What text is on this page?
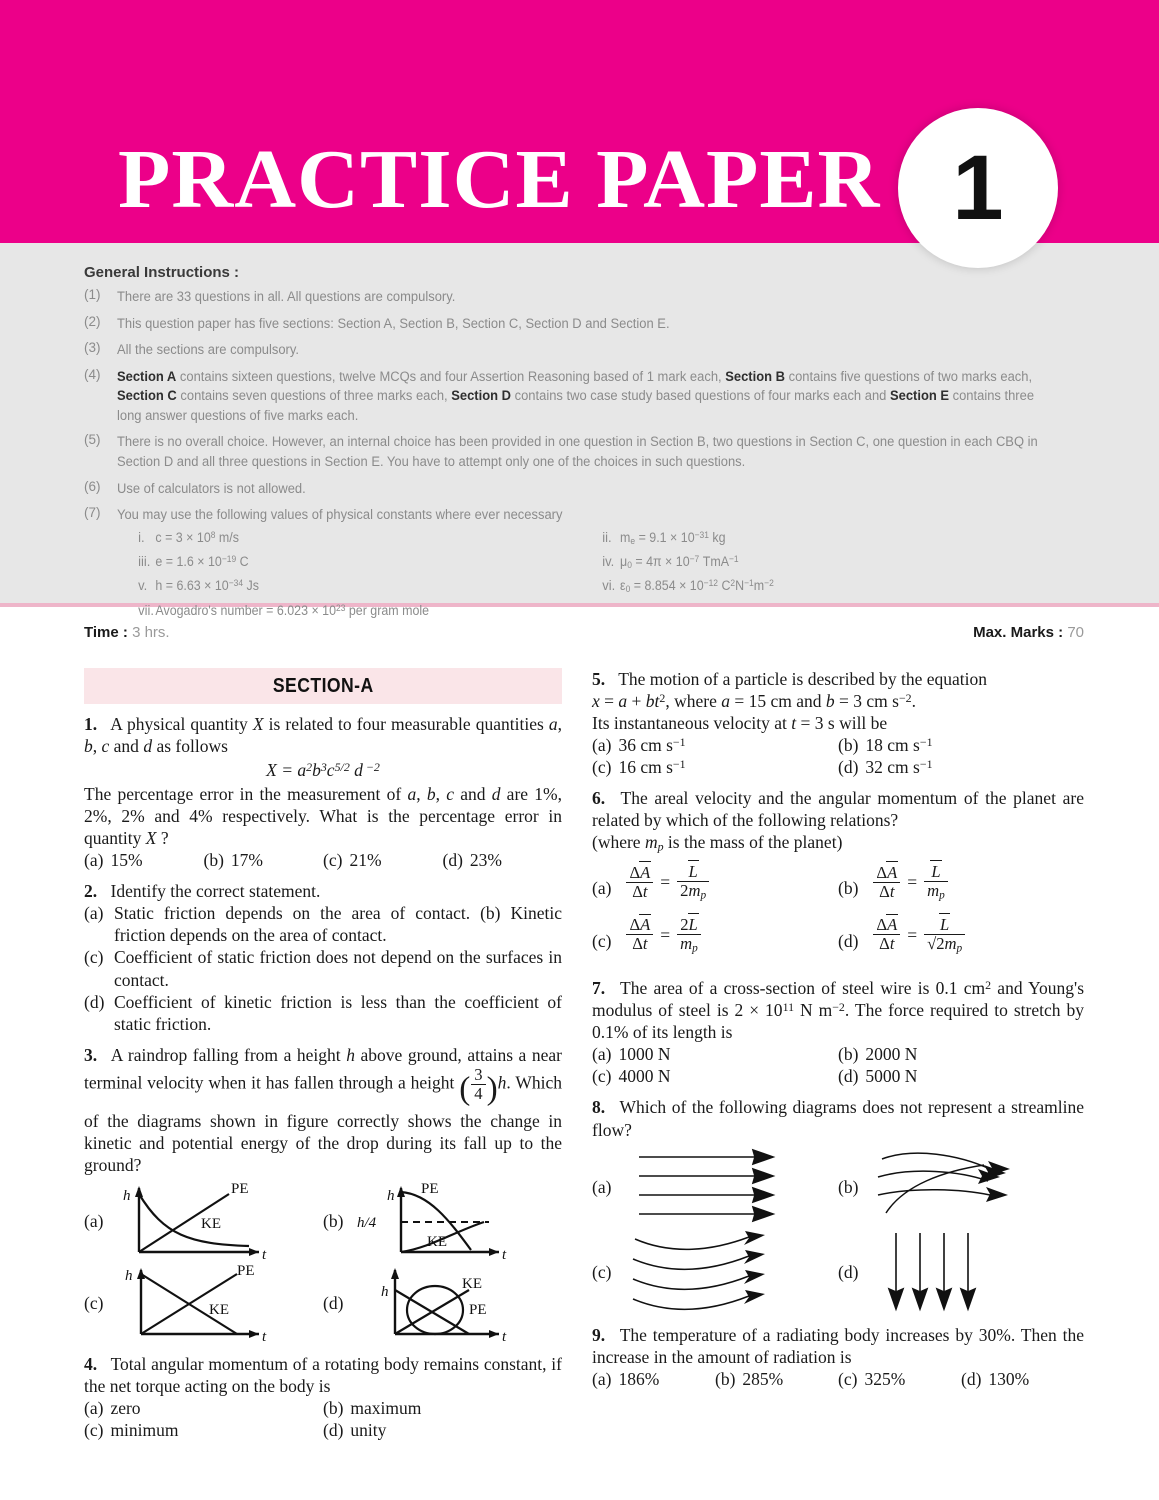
PRACTICE PAPER 1
General Instructions :
(1)	There are 33 questions in all. All questions are compulsory.
(2)	This question paper has five sections: Section A, Section B, Section C, Section D and Section E.
(3)	All the sections are compulsory.
(4)	Section A contains sixteen questions, twelve MCQs and four Assertion Reasoning based of 1 mark each, Section B contains five questions of two marks each, Section C contains seven questions of three marks each, Section D contains two case study based questions of four marks each and Section E contains three long answer questions of five marks each.
(5)	There is no overall choice. However, an internal choice has been provided in one question in Section B, two questions in Section C, one question in each CBQ in Section D and all three questions in Section E. You have to attempt only one of the choices in such questions.
(6)	Use of calculators is not allowed.
(7)	You may use the following values of physical constants where ever necessary
i. $c = 3 \times 10^8$ m/s	ii. $m_e = 9.1 \times 10^{-31}$ kg
iii. $e = 1.6 \times 10^{-19}$ C	iv. $\mu_0 = 4\pi \times 10^{-7}$ TmA$^{-1}$
v. $h = 6.63 \times 10^{-34}$ Js	vi. $\varepsilon_0 = 8.854 \times 10^{-12}$ $C^2N^{-1}m^{-2}$
vii. Avogadro's number = $6.023 \times 10^{23}$ per gram mole
Time : 3 hrs.	Max. Marks : 70
SECTION-A
1. A physical quantity X is related to four measurable quantities a, b, c and d as follows
$X = a^2b^3c^{5/2}$ d $^{-2}$
The percentage error in the measurement of a, b, c and d are 1%, 2%, 2% and 4% respectively. What is the percentage error in quantity X ?
(a) 15%	(b) 17%	(c) 21%	(d) 23%
2. Identify the correct statement.
(a) Static friction depends on the area of contact. (b) Kinetic friction depends on the area of contact.
(c) Coefficient of static friction does not depend on the surfaces in contact.
(d) Coefficient of kinetic friction is less than the coefficient of static friction.
3. A raindrop falling from a height h above ground, attains a near terminal velocity when it has fallen through a height ( $\frac{3}{4} )h$. Which of the diagrams shown in figure correctly shows the change in kinetic and potential energy of the drop during its fall up to the ground?
(a)
h
t
PE
KE	(b)
h
h/4
t
PE
KE
(c)
h
t
PE
KE	(d)
h
t
KE
PE
4. Total angular momentum of a rotating body remains constant, if the net torque acting on the body is
(a) zero	(b) maximum
(c) minimum	(d) unity
5. The motion of a particle is described by the equation
$x = a + bt^2$, where a = 15 cm and b = 3 cm $s^{-2}$.
Its instantaneous velocity at t = 3 s will be
(a) 36 cm $s^{-1}$	(b) 18 cm $s^{-1}$
(c) 16 cm $s^{-1}$	(d) 32 cm $s^{-1}$
6. The areal velocity and the angular momentum of the planet are related by which of the following relations?
(where $m_p$ is the mass of the planet)
$(a) \frac{\Delta A}{\Delta t} = \frac{L}{2m_p}$	$(b) \frac{\Delta A}{\Delta t} = \frac{L}{m_p}$
$(c) \frac{\Delta A}{\Delta t} = \frac{2L}{m_p}$	$(d) \frac{\Delta A}{\Delta t} = \frac{L}{√2m_p}$
7. The area of a cross-section of steel wire is 0.1 $cm^2$ and Young's modulus of steel is $2 \times 10^{11}$ N $m^{-2}$. The force required to stretch by 0.1% of its length is
(a) 1000 N	(b) 2000 N
(c) 4000 N	(d) 5000 N
8. Which of the following diagrams does not represent a streamline flow?
(a)	(b)
(c)	(d)
9. The temperature of a radiating body increases by 30%. Then the increase in the amount of radiation is
(a) 186%	(b) 285%	(c) 325%	(d) 130%
